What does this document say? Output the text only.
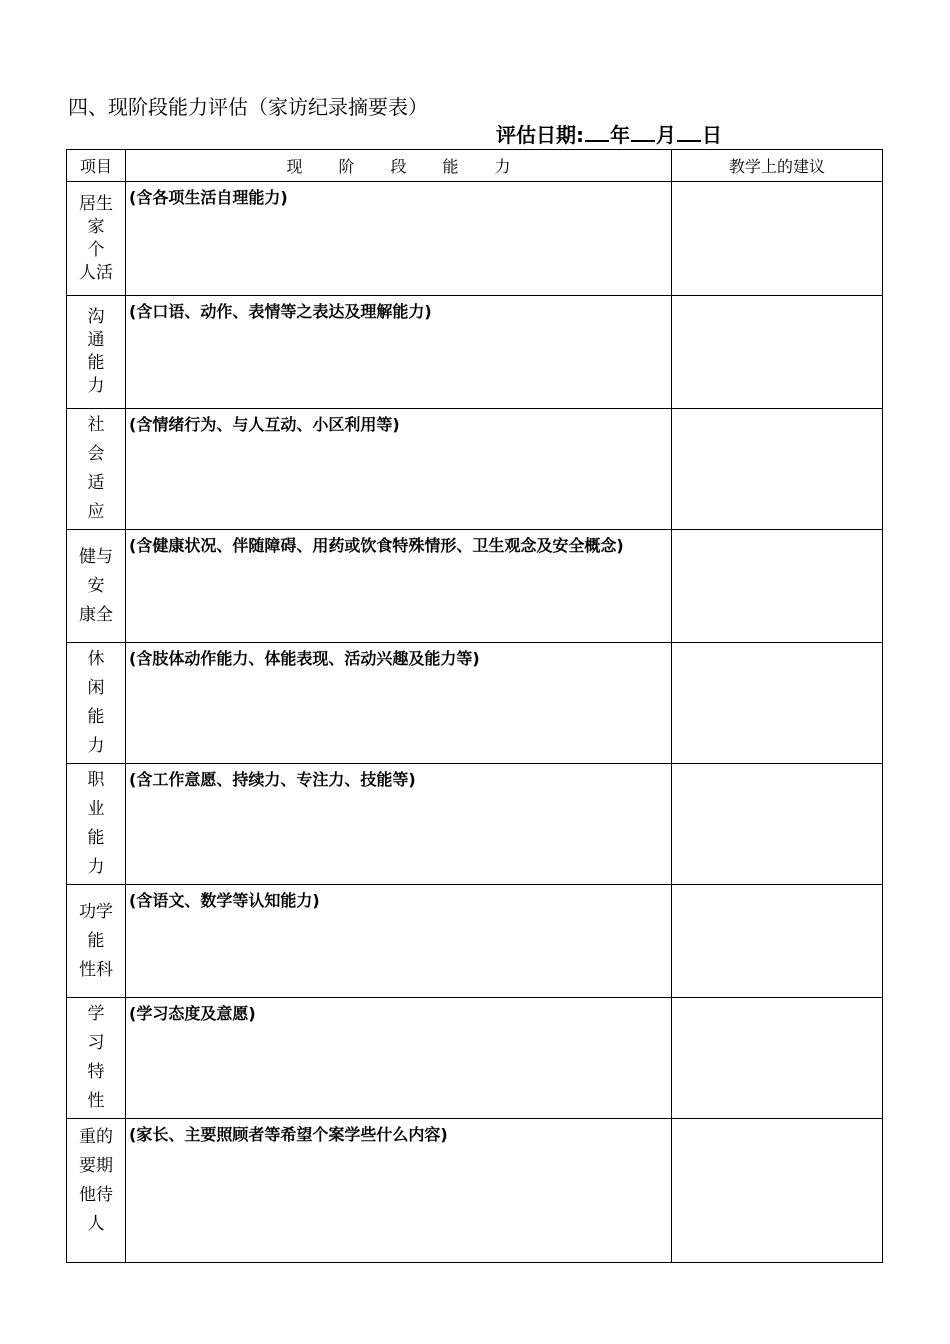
四、现阶段能力评估（家访纪录摘要表）
评估日期: 年 月 日
项目	现 阶 段 能 力	教学上的建议

居生
家
个
人活	(含各项生活自理能力)	

沟
通
能
力	(含口语、动作、表情等之表达及理解能力)	

社
会
适
应	(含情绪行为、与人互动、小区利用等)	

健与
安
康全	(含健康状况、伴随障碍、用药或饮食特殊情形、卫生观念及安全概念)	

休
闲
能
力	(含肢体动作能力、体能表现、活动兴趣及能力等)	

职
业
能
力	(含工作意愿、持续力、专注力、技能等)	

功学
能
性科	(含语文、数学等认知能力)	

学
习
特
性	(学习态度及意愿)	

重的
要期
他待
人	(家长、主要照顾者等希望个案学些什么内容)	
